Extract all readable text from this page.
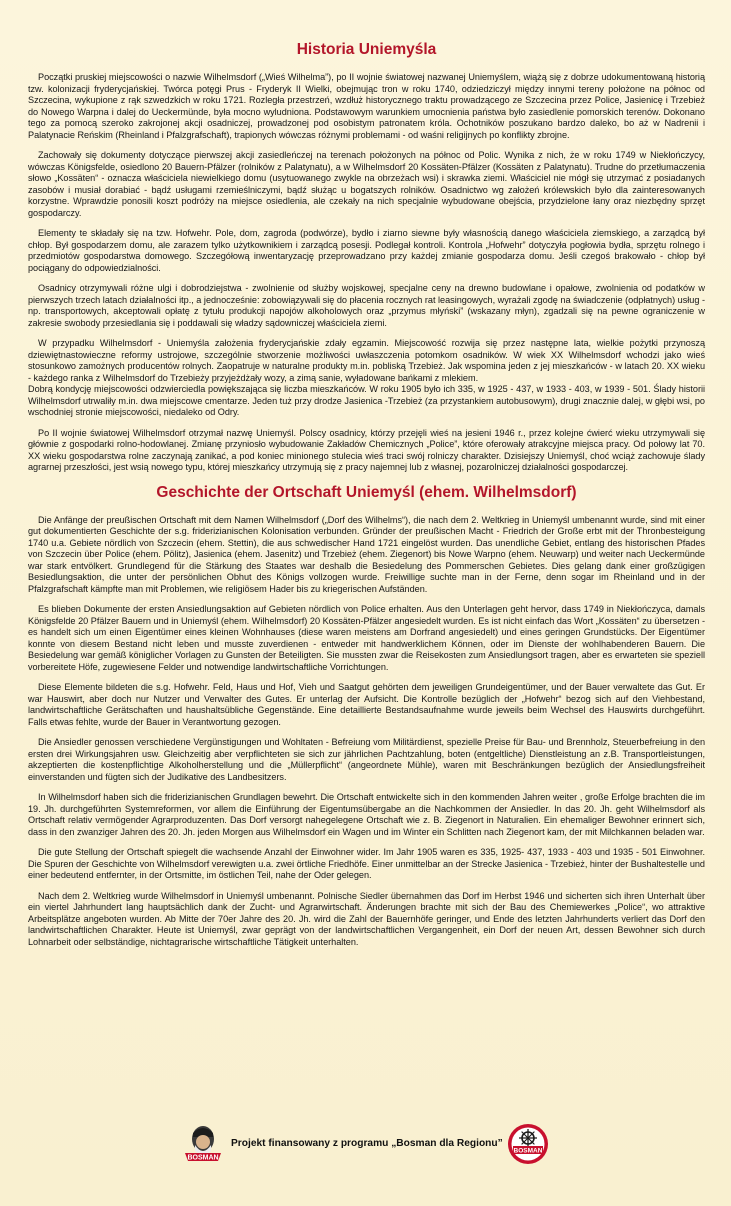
Historia Uniemyśla

Początki pruskiej miejscowości o nazwie Wilhelmsdorf („Wieś Wilhelma”), po II wojnie światowej nazwanej Uniemyślem, wiążą się z dobrze udokumentowaną historią tzw. kolonizacji fryderycjańskiej. Twórca potęgi Prus - Fryderyk II Wielki, obejmując tron w roku 1740, odziedziczył między innymi tereny położone na północ od Szczecina, wykupione z rąk szwedzkich w roku 1721. Rozległa przestrzeń, wzdłuż historycznego traktu prowadzącego ze Szczecina przez Police, Jasienicę i Trzebież do Nowego Warpna i dalej do Ueckermünde, była mocno wyludniona. Podstawowym warunkiem umocnienia państwa było zasiedlenie pomorskich terenów. Dokonano tego za pomocą szeroko zakrojonej akcji osadniczej, prowadzonej pod osobistym patronatem króla. Ochotników poszukano bardzo daleko, bo aż w Nadrenii i Palatynacie Reńskim (Rheinland i Pfalzgrafschaft), trapionych wówczas różnymi problemami - od waśni religijnych po konflikty zbrojne.

Zachowały się dokumenty dotyczące pierwszej akcji zasiedleńczej na terenach położonych na północ od Polic. Wynika z nich, że w roku 1749 w Niekłończycy, wówczas Königsfelde, osiedlono 20 Bauern-Pfälzer (rolników z Palatynatu), a w Wilhelmsdorf 20 Kossäten-Pfälzer (Kossäten z Palatynatu). Trudne do przetłumaczenia słowo „Kossäten“ - oznacza właściciela niewielkiego domu (usytuowanego zwykle na obrzeżach wsi) i skrawka ziemi. Właściciel nie mógł się utrzymać z posiadanych zasobów i musiał dorabiać - bądź usługami rzemieślniczymi, bądź służąc u bogatszych rolników. Osadnictwo wg założeń królewskich było dla zainteresowanych korzystne. Wprawdzie ponosili koszt podróży na miejsce osiedlenia, ale czekały na nich specjalnie wybudowane obejścia, przydzielone łany oraz niezbędny sprzęt gospodarczy.

Elementy te składały się na tzw. Hofwehr. Pole, dom, zagroda (podwórze), bydło i ziarno siewne były własnością danego właściciela ziemskiego, a zarządcą był chłop. Był gospodarzem domu, ale zarazem tylko użytkownikiem i zarządcą posesji. Podlegał kontroli. Kontrola „Hofwehr” dotyczyła pogłowia bydła, sprzętu rolnego i przedmiotów gospodarstwa domowego. Szczegółową inwentaryzację przeprowadzano przy każdej zmianie gospodarza domu. Jeśli czegoś brakowało - chłop był pociągany do odpowiedzialności.

Osadnicy otrzymywali różne ulgi i dobrodziejstwa - zwolnienie od służby wojskowej, specjalne ceny na drewno budowlane i opałowe, zwolnienia od podatków w pierwszych trzech latach działalności itp., a jednocześnie: zobowiązywali się do płacenia rocznych rat leasingowych, wyrażali zgodę na świadczenie (odpłatnych) usług - np. transportowych, akceptowali opłatę z tytułu produkcji napojów alkoholowych oraz „przymus młyński” (wskazany młyn), zgadzali się na pewne ograniczenie w zakresie swobody przesiedlania się i poddawali się władzy sądowniczej właściciela ziemi.

W przypadku Wilhelmsdorf - Uniemyśla założenia fryderycjańskie zdały egzamin. Miejscowość rozwija się przez następne lata, wielkie pożytki przynoszą dziewiętnastowieczne reformy ustrojowe, szczególnie stworzenie możliwości uwłaszczenia potomkom osadników. W wiek XX Wilhelmsdorf wchodzi jako wieś stosunkowo zamożnych producentów rolnych. Zaopatruje w naturalne produkty m.in. pobliską Trzebież. Jak wspomina jeden z jej mieszkańców - w latach 20. XX wieku - każdego ranka z Wilhelmsdorf do Trzebieży przyjeżdżały wozy, a zimą sanie, wyładowane bańkami z mlekiem.
Dobrą kondycję miejscowości odzwierciedla powiększająca się liczba mieszkańców. W roku 1905 było ich 335, w 1925 - 437, w 1933 - 403, w 1939 - 501. Ślady historii Wilhelmsdorf utrwaliły m.in. dwa miejscowe cmentarze. Jeden tuż przy drodze Jasienica -Trzebież (za przystankiem autobusowym), drugi znacznie dalej, w głębi wsi, po wschodniej stronie miejscowości, niedaleko od Odry.

Po II wojnie światowej Wilhelmsdorf otrzymał nazwę Uniemyśl. Polscy osadnicy, którzy przejęli wieś na jesieni 1946 r., przez kolejne ćwierć wieku utrzymywali się głównie z gospodarki rolno-hodowlanej. Zmianę przyniosło wybudowanie Zakładów Chemicznych „Police”, które oferowały atrakcyjne miejsca pracy. Od połowy lat 70. XX wieku gospodarstwa rolne zaczynają zanikać, a pod koniec minionego stulecia wieś traci swój rolniczy charakter. Dzisiejszy Uniemyśl, choć wciąż zachowuje ślady agrarnej przeszłości, jest wsią nowego typu, której mieszkańcy utrzymują się z pracy najemnej lub z własnej, pozarolniczej działalności gospodarczej.

Geschichte der Ortschaft Uniemyśl (ehem. Wilhelmsdorf)

Die Anfänge der preußischen Ortschaft mit dem Namen Wilhelmsdorf („Dorf des Wilhelms“), die nach dem 2. Weltkrieg in Uniemyśl umbenannt wurde, sind mit einer gut dokumentierten Geschichte der s.g. friderizianischen Kolonisation verbunden. Gründer der preußischen Macht - Friedrich der Große erbt mit der Thronbesteigung 1740 u.a. Gebiete nördlich von Szczecin (ehem. Stettin), die aus schwedischer Hand 1721 eingelöst wurden. Das unendliche Gebiet, entlang des historischen Pfades von Szczecin über Police (ehem. Pölitz), Jasienica (ehem. Jasenitz) und Trzebież (ehem. Ziegenort) bis Nowe Warpno (ehem. Neuwarp) und weiter nach Ueckermünde war stark entvölkert. Grundlegend für die Stärkung des Staates war deshalb die Besiedelung des Pommerschen Gebietes. Dies gelang dank einer großzügigen Besiedlungsaktion, die unter der persönlichen Obhut des Königs vollzogen wurde. Freiwillige suchte man in der Ferne, denn sogar im Rheinland und in der Pfalzgrafschaft kämpfte man mit Problemen, wie religiösem Hader bis zu kriegerischen Aufständen.

Es blieben Dokumente der ersten Ansiedlungsaktion auf Gebieten nördlich von Police erhalten. Aus den Unterlagen geht hervor, dass 1749 in Niekłończyca, damals Königsfelde 20 Pfälzer Bauern und in Uniemyśl (ehem. Wilhelmsdorf) 20 Kossäten-Pfälzer angesiedelt wurden. Es ist nicht einfach das Wort „Kossäten“ zu übersetzen - es handelt sich um einen Eigentümer eines kleinen Wohnhauses (diese waren meistens am Dorfrand angesiedelt) und eines geringen Grundstücks. Der Eigentümer konnte von diesem Bestand nicht leben und musste zuverdienen - entweder mit handwerklichem Können, oder im Dienste der wohlhabenderen Bauern. Die Besiedelung war gemäß königlicher Vorlagen zu Gunsten der Beteiligten. Sie mussten zwar die Reisekosten zum Ansiedlungsort tragen, aber es erwarteten sie speziell vorbereitete Höfe, zugewiesene Felder und notwendige landwirtschaftliche Vorrichtungen.

Diese Elemente bildeten die s.g. Hofwehr. Feld, Haus und Hof, Vieh und Saatgut gehörten dem jeweiligen Grundeigentümer, und der Bauer verwaltete das Gut. Er war Hauswirt, aber doch nur Nutzer und Verwalter des Gutes. Er unterlag der Aufsicht. Die Kontrolle bezüglich der „Hofwehr“ bezog sich auf den Viehbestand, landwirtschaftliche Gerätschaften und haushaltsübliche Gegenstände. Eine detaillierte Bestandsaufnahme wurde jeweils beim Wechsel des Hauswirts durchgeführt. Falls etwas fehlte, wurde der Bauer in Verantwortung gezogen.

Die Ansiedler genossen verschiedene Vergünstigungen und Wohltaten - Befreiung vom Militärdienst, spezielle Preise für Bau- und Brennholz, Steuerbefreiung in den ersten drei Wirkungsjahren usw. Gleichzeitig aber verpflichteten sie sich zur jährlichen Pachtzahlung, boten (entgeltliche) Dienstleistung an z.B. Transportleistungen, akzeptierten die kostenpflichtige Alkoholherstellung und die „Müllerpflicht“ (angeordnete Mühle), waren mit Beschränkungen bezüglich der Ansiedlungsfreiheit einverstanden und fügten sich der Judikative des Landbesitzers.

In Wilhelmsdorf haben sich die friderizianischen Grundlagen bewehrt. Die Ortschaft entwickelte sich in den kommenden Jahren weiter , große Erfolge brachten die im 19. Jh. durchgeführten Systemreformen, vor allem die Einführung der Eigentumsübergabe an die Nachkommen der Ansiedler. In das 20. Jh. geht Wilhelmsdorf als Ortschaft relativ vermögender Agrarproduzenten. Das Dorf versorgt nahegelegene Ortschaft wie z. B. Ziegenort in Naturalien. Ein ehemaliger Bewohner erinnert sich, dass in den zwanziger Jahren des 20. Jh. jeden Morgen aus Wilhelmsdorf ein Wagen und im Winter ein Schlitten nach Ziegenort kam, der mit Milchkannen beladen war.

Die gute Stellung der Ortschaft spiegelt die wachsende Anzahl der Einwohner wider. Im Jahr 1905 waren es 335, 1925- 437, 1933 - 403 und 1935 - 501 Einwohner. Die Spuren der Geschichte von Wilhelmsdorf verewigten u.a. zwei örtliche Friedhöfe. Einer unmittelbar an der Strecke Jasienica - Trzebież, hinter der Bushaltestelle und einer bedeutend entfernter, in der Ortsmitte, im östlichen Teil, nahe der Oder gelegen.

Nach dem 2. Weltkrieg wurde Wilhelmsdorf in Uniemyśl umbenannt. Polnische Siedler übernahmen das Dorf im Herbst 1946 und sicherten sich ihren Unterhalt über ein viertel Jahrhundert lang hauptsächlich dank der Zucht- und Agrarwirtschaft. Änderungen brachte mit sich der Bau des Chemiewerkes „Police“, wo attraktive Arbeitsplätze angeboten wurden. Ab Mitte der 70er Jahre des 20. Jh. wird die Zahl der Bauernhöfe geringer, und Ende des letzten Jahrhunderts verliert das Dorf den landwirtschaftlichen Charakter. Heute ist Uniemyśl, zwar geprägt von der landwirtschaftlichen Vergangenheit, ein Dorf der neuen Art, dessen Bewohner sich durch Lohnarbeit oder selbständige, nichtagrarische wirtschaftliche Tätigkeit unterhalten.

BOSMAN
Projekt finansowany z programu „Bosman dla Regionu”
BOSMAN
